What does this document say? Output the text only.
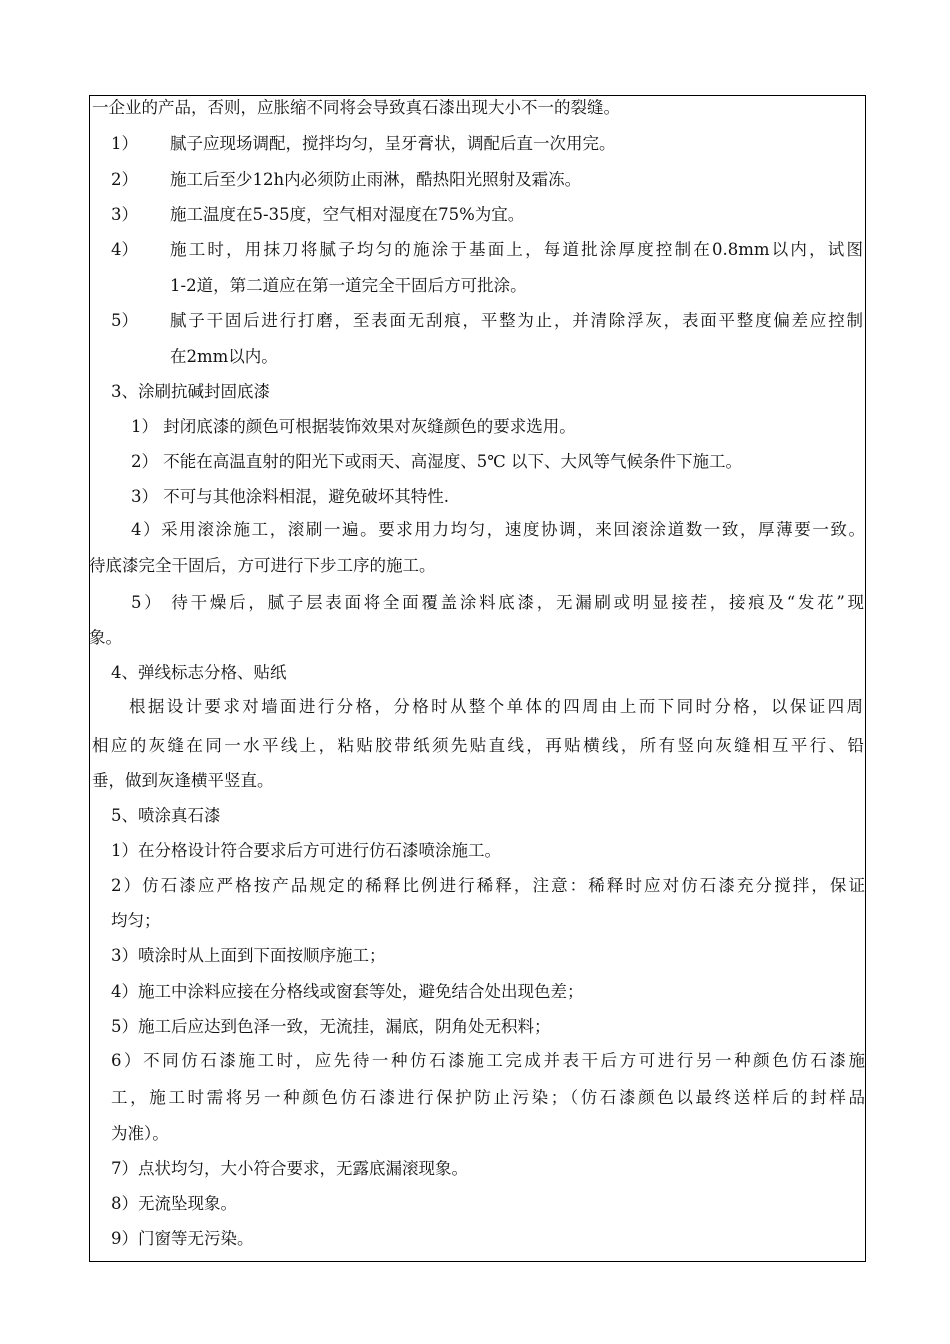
一企业的产品，否则，应胀缩不同将会导致真石漆出现大小不一的裂缝。
1） 腻子应现场调配，搅拌均匀，呈牙膏状，调配后直一次用完。
2） 施工后至少12h内必须防止雨淋，酷热阳光照射及霜冻。
3） 施工温度在5-35度，空气相对湿度在75%为宜。
4） 施工时，用抹刀将腻子均匀的施涂于基面上，每道批涂厚度控制在0.8mm以内，试图
1-2道，第二道应在第一道完全干固后方可批涂。
5） 腻子干固后进行打磨，至表面无刮痕，平整为止，并清除浮灰，表面平整度偏差应控制
在2mm以内。
3、涂刷抗碱封固底漆
1） 封闭底漆的颜色可根据装饰效果对灰缝颜色的要求选用。
2） 不能在高温直射的阳光下或雨天、高湿度、5℃ 以下、大风等气候条件下施工。
3） 不可与其他涂料相混，避免破坏其特性.
4）采用滚涂施工，滚刷一遍。要求用力均匀，速度协调，来回滚涂道数一致，厚薄要一致。
待底漆完全干固后，方可进行下步工序的施工。
5） 待干燥后，腻子层表面将全面覆盖涂料底漆，无漏刷或明显接茬，接痕及“发花”现
象。
4、弹线标志分格、贴纸
根据设计要求对墙面进行分格，分格时从整个单体的四周由上而下同时分格，以保证四周
相应的灰缝在同一水平线上，粘贴胶带纸须先贴直线，再贴横线，所有竖向灰缝相互平行、铅
垂，做到灰逢横平竖直。
5、喷涂真石漆
1）在分格设计符合要求后方可进行仿石漆喷涂施工。
2）仿石漆应严格按产品规定的稀释比例进行稀释，注意：稀释时应对仿石漆充分搅拌，保证
均匀；
3）喷涂时从上面到下面按顺序施工；
4）施工中涂料应接在分格线或窗套等处，避免结合处出现色差；
5）施工后应达到色泽一致，无流挂，漏底，阴角处无积料；
6）不同仿石漆施工时，应先待一种仿石漆施工完成并表干后方可进行另一种颜色仿石漆施
工，施工时需将另一种颜色仿石漆进行保护防止污染；（仿石漆颜色以最终送样后的封样品
为准）。
7）点状均匀，大小符合要求，无露底漏滚现象。
8）无流坠现象。
9）门窗等无污染。
